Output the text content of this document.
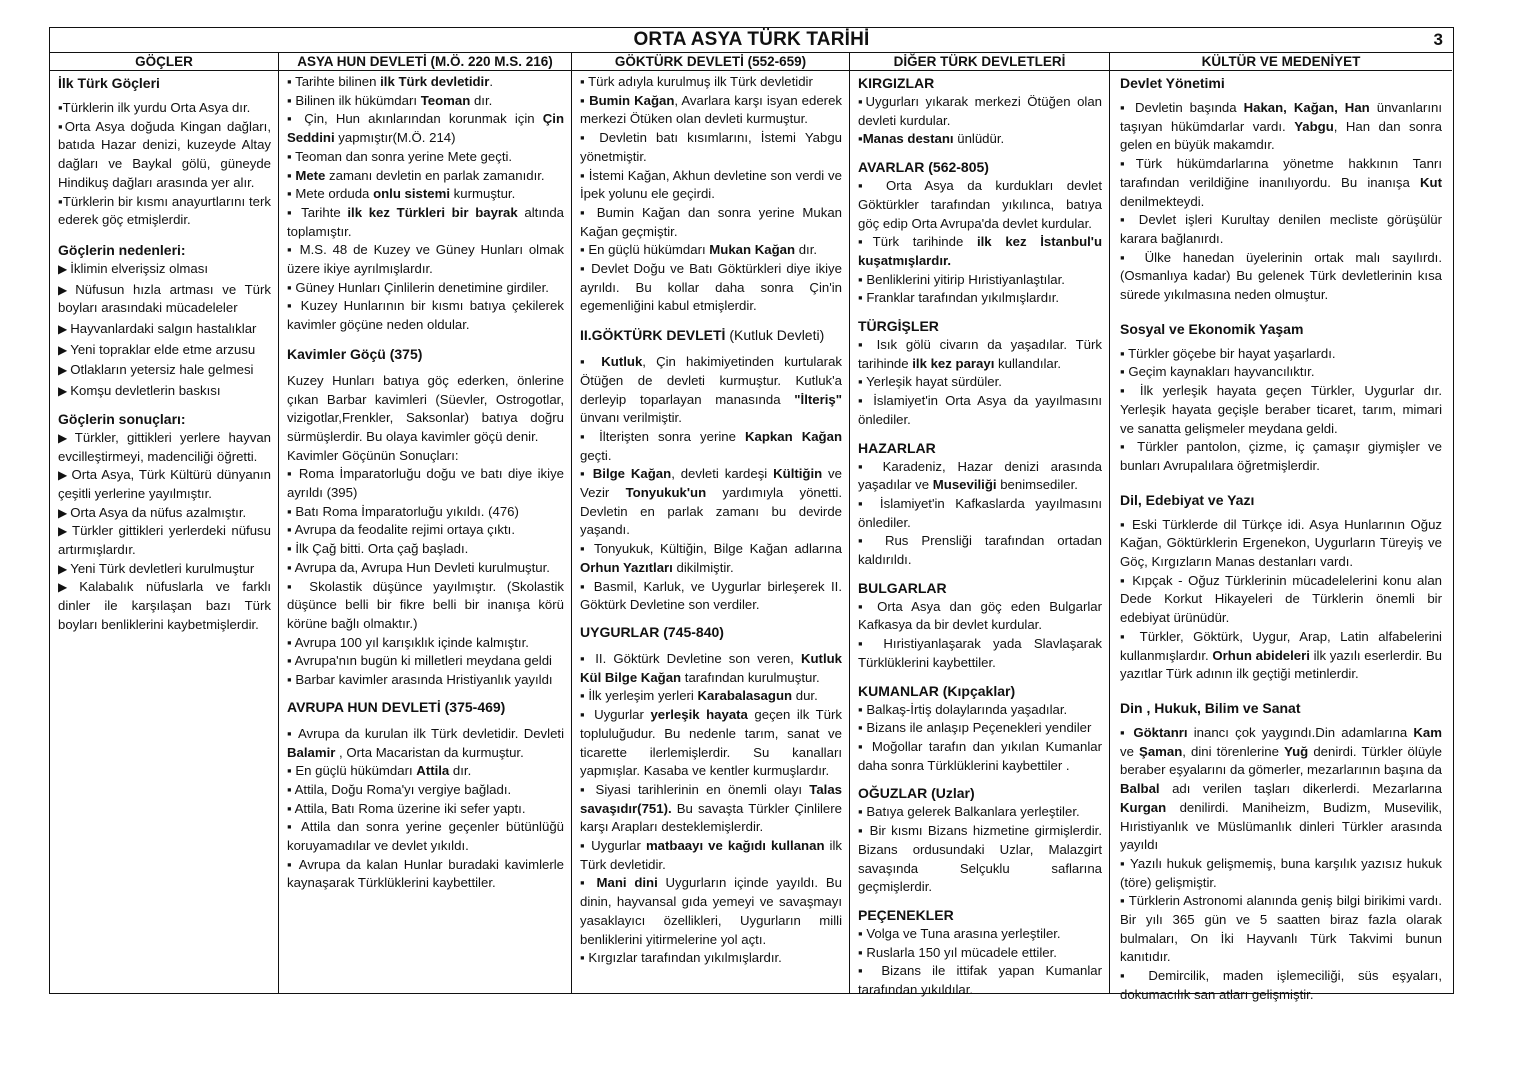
ORTA ASYA TÜRK TARİHİ	3
GÖÇLER
İlk Türk Göçleri
▪Türklerin ilk yurdu Orta Asya dır.
▪Orta Asya doğuda Kingan dağları, batıda Hazar denizi, kuzeyde Altay dağları ve Baykal gölü, güneyde Hindikuş dağları arasında yer alır.
▪Türklerin bir kısmı anayurtlarını terk ederek göç etmişlerdir.
Göçlerin nedenleri:
▶ İklimin elverişsiz olması
▶ Nüfusun hızla artması ve Türk boyları arasındaki mücadeleler
▶ Hayvanlardaki salgın hastalıklar
▶ Yeni topraklar elde etme arzusu
▶ Otlakların yetersiz hale gelmesi
▶ Komşu devletlerin baskısı
Göçlerin sonuçları:
▶ Türkler, gittikleri yerlere hayvan evcilleştirmeyi, madenciliği öğretti.
▶ Orta Asya, Türk Kültürü dünyanın çeşitli yerlerine yayılmıştır.
▶ Orta Asya da nüfus azalmıştır.
▶ Türkler gittikleri yerlerdeki nüfusu artırmışlardır.
▶ Yeni Türk devletleri kurulmuştur
▶ Kalabalık nüfuslarla ve farklı dinler ile karşılaşan bazı Türk boyları benliklerini kaybetmişlerdir.
ASYA HUN DEVLETİ (M.Ö. 220 M.S. 216)
▪ Tarihte bilinen ilk Türk devletidir.
▪ Bilinen ilk hükümdarı Teoman dır.
▪ Çin, Hun akınlarından korunmak için Çin Seddini yapmıştır(M.Ö. 214)
▪ Teoman dan sonra yerine Mete geçti.
▪ Mete zamanı devletin en parlak zamanıdır.
▪ Mete orduda onlu sistemi kurmuştur.
▪ Tarihte ilk kez Türkleri bir bayrak altında toplamıştır.
▪ M.S. 48 de Kuzey ve Güney Hunları olmak üzere ikiye ayrılmışlardır.
▪ Güney Hunları Çinlilerin denetimine girdiler.
▪ Kuzey Hunlarının bir kısmı batıya çekilerek kavimler göçüne neden oldular.
Kavimler Göçü (375)
Kuzey Hunları batıya göç ederken, önlerine çıkan Barbar kavimleri (Süevler, Ostrogotlar, vizigotlar,Frenkler, Saksonlar) batıya doğru sürmüşlerdir. Bu olaya kavimler göçü denir.
Kavimler Göçünün Sonuçları:
▪ Roma İmparatorluğu doğu ve batı diye ikiye ayrıldı (395)
▪ Batı Roma İmparatorluğu yıkıldı. (476)
▪ Avrupa da feodalite rejimi ortaya çıktı.
▪ İlk Çağ bitti. Orta çağ başladı.
▪ Avrupa da, Avrupa Hun Devleti kurulmuştur.
▪ Skolastik düşünce yayılmıştır. (Skolastik düşünce belli bir fikre belli bir inanışa körü körüne bağlı olmaktır.)
▪ Avrupa 100 yıl karışıklık içinde kalmıştır.
▪ Avrupa'nın bugün ki milletleri meydana geldi
▪ Barbar kavimler arasında Hristiyanlık yayıldı
AVRUPA HUN DEVLETİ (375-469)
▪ Avrupa da kurulan ilk Türk devletidir. Devleti Balamir , Orta Macaristan da kurmuştur.
▪ En güçlü hükümdarı Attila dır.
▪ Attila, Doğu Roma'yı vergiye bağladı.
▪ Attila, Batı Roma üzerine iki sefer yaptı.
▪ Attila dan sonra yerine geçenler bütünlüğü koruyamadılar ve devlet yıkıldı.
▪ Avrupa da kalan Hunlar buradaki kavimlerle kaynaşarak Türklüklerini kaybettiler.
GÖKTÜRK DEVLETİ (552-659)
▪ Türk adıyla kurulmuş ilk Türk devletidir
▪ Bumin Kağan, Avarlara karşı isyan ederek merkezi Ötüken olan devleti kurmuştur.
▪ Devletin batı kısımlarını, İstemi Yabgu yönetmiştir.
▪ İstemi Kağan, Akhun devletine son verdi ve İpek yolunu ele geçirdi.
▪ Bumin Kağan dan sonra yerine Mukan Kağan geçmiştir.
▪ En güçlü hükümdarı Mukan Kağan dır.
▪ Devlet Doğu ve Batı Göktürkleri diye ikiye ayrıldı. Bu kollar daha sonra Çin'in egemenliğini kabul etmişlerdir.
II.GÖKTÜRK DEVLETİ (Kutluk Devleti)
▪ Kutluk, Çin hakimiyetinden kurtularak Ötüğen de devleti kurmuştur. Kutluk'a derleyip toparlayan manasında "İlteriş" ünvanı verilmiştir.
▪ İlterişten sonra yerine Kapkan Kağan geçti.
▪ Bilge Kağan, devleti kardeşi Kültiğin ve Vezir Tonyukuk'un yardımıyla yönetti. Devletin en parlak zamanı bu devirde yaşandı.
▪ Tonyukuk, Kültiğin, Bilge Kağan adlarına Orhun Yazıtları dikilmiştir.
▪ Basmil, Karluk, ve Uygurlar birleşerek II. Göktürk Devletine son verdiler.
UYGURLAR (745-840)
▪ II. Göktürk Devletine son veren, Kutluk Kül Bilge Kağan tarafından kurulmuştur.
▪ İlk yerleşim yerleri Karabalasagun dur.
▪ Uygurlar yerleşik hayata geçen ilk Türk topluluğudur. Bu nedenle tarım, sanat ve ticarette ilerlemişlerdir. Su kanalları yapmışlar. Kasaba ve kentler kurmuşlardır.
▪ Siyasi tarihlerinin en önemli olayı Talas savaşıdır(751). Bu savaşta Türkler Çinlilere karşı Arapları desteklemişlerdir.
▪ Uygurlar matbaayı ve kağıdı kullanan ilk Türk devletidir.
▪ Mani dini Uygurların içinde yayıldı. Bu dinin, hayvansal gıda yemeyi ve savaşmayı yasaklayıcı özellikleri, Uygurların milli benliklerini yitirmelerine yol açtı.
▪ Kırgızlar tarafından yıkılmışlardır.
DİĞER TÜRK DEVLETLERİ
KIRGIZLAR
▪Uygurları yıkarak merkezi Ötüğen olan devleti kurdular.
▪Manas destanı ünlüdür.
AVARLAR (562-805)
▪ Orta Asya da kurdukları devlet Göktürkler tarafından yıkılınca, batıya göç edip Orta Avrupa'da devlet kurdular.
▪Türk tarihinde ilk kez İstanbul'u kuşatmışlardır.
▪ Benliklerini yitirip Hıristiyanlaştılar.
▪ Franklar tarafından yıkılmışlardır.
TÜRGİŞLER
▪ Isık gölü civarın da yaşadılar. Türk tarihinde ilk kez parayı kullandılar.
▪ Yerleşik hayat sürdüler.
▪ İslamiyet'in Orta Asya da yayılmasını önlediler.
HAZARLAR
▪ Karadeniz, Hazar denizi arasında yaşadılar ve Museviliği benimsediler.
▪ İslamiyet'in Kafkaslarda yayılmasını önlediler.
▪ Rus Prensliği tarafından ortadan kaldırıldı.
BULGARLAR
▪ Orta Asya dan göç eden Bulgarlar Kafkasya da bir devlet kurdular.
▪ Hıristiyanlaşarak yada Slavlaşarak Türklüklerini kaybettiler.
KUMANLAR (Kıpçaklar)
▪ Balkaş-İrtiş dolaylarında yaşadılar.
▪ Bizans ile anlaşıp Peçenekleri yendiler
▪ Moğollar tarafın dan yıkılan Kumanlar daha sonra Türklüklerini kaybettiler .
OĞUZLAR (Uzlar)
▪ Batıya gelerek Balkanlara yerleştiler.
▪ Bir kısmı Bizans hizmetine girmişlerdir. Bizans ordusundaki Uzlar, Malazgirt savaşında Selçuklu saflarına geçmişlerdir.
PEÇENEKLER
▪ Volga ve Tuna arasına yerleştiler.
▪ Ruslarla 150 yıl mücadele ettiler.
▪ Bizans ile ittifak yapan Kumanlar tarafından yıkıldılar.
KÜLTÜR VE MEDENİYET
Devlet Yönetimi
▪ Devletin başında Hakan, Kağan, Han ünvanlarını taşıyan hükümdarlar vardı. Yabgu, Han dan sonra gelen en büyük makamdır.
▪Türk hükümdarlarına yönetme hakkının Tanrı tarafından verildiğine inanılıyordu. Bu inanışa Kut denilmekteydi.
▪ Devlet işleri Kurultay denilen mecliste görüşülür karara bağlanırdı.
▪ Ülke hanedan üyelerinin ortak malı sayılırdı. (Osmanlıya kadar) Bu gelenek Türk devletlerinin kısa sürede yıkılmasına neden olmuştur.
Sosyal ve Ekonomik Yaşam
▪ Türkler göçebe bir hayat yaşarlardı.
▪ Geçim kaynakları hayvancılıktır.
▪ İlk yerleşik hayata geçen Türkler, Uygurlar dır. Yerleşik hayata geçişle beraber ticaret, tarım, mimari ve sanatta gelişmeler meydana geldi.
▪ Türkler pantolon, çizme, iç çamaşır giymişler ve bunları Avrupalılara öğretmişlerdir.
Dil, Edebiyat ve Yazı
▪ Eski Türklerde dil Türkçe idi. Asya Hunlarının Oğuz Kağan, Göktürklerin Ergenekon, Uygurların Türeyiş ve Göç, Kırgızların Manas destanları vardı.
▪ Kıpçak - Oğuz Türklerinin mücadelelerini konu alan Dede Korkut Hikayeleri de Türklerin önemli bir edebiyat ürünüdür.
▪ Türkler, Göktürk, Uygur, Arap, Latin alfabelerini kullanmışlardır. Orhun abideleri ilk yazılı eserlerdir. Bu yazıtlar Türk adının ilk geçtiği metinlerdir.
Din , Hukuk, Bilim ve Sanat
▪ Göktanrı inancı çok yaygındı.Din adamlarına Kam ve Şaman, dini törenlerine Yuğ denirdi. Türkler ölüyle beraber eşyalarını da gömerler, mezarlarının başına da Balbal adı verilen taşları dikerlerdi. Mezarlarına Kurgan denilirdi. Maniheizm, Budizm, Musevilik, Hıristiyanlık ve Müslümanlık dinleri Türkler arasında yayıldı
▪ Yazılı hukuk gelişmemiş, buna karşılık yazısız hukuk (töre) gelişmiştir.
▪ Türklerin Astronomi alanında geniş bilgi birikimi vardı. Bir yılı 365 gün ve 5 saatten biraz fazla olarak bulmaları, On İki Hayvanlı Türk Takvimi bunun kanıtıdır.
▪ Demircilik, maden işlemeciliği, süs eşyaları, dokumacılık san atları gelişmiştir.
